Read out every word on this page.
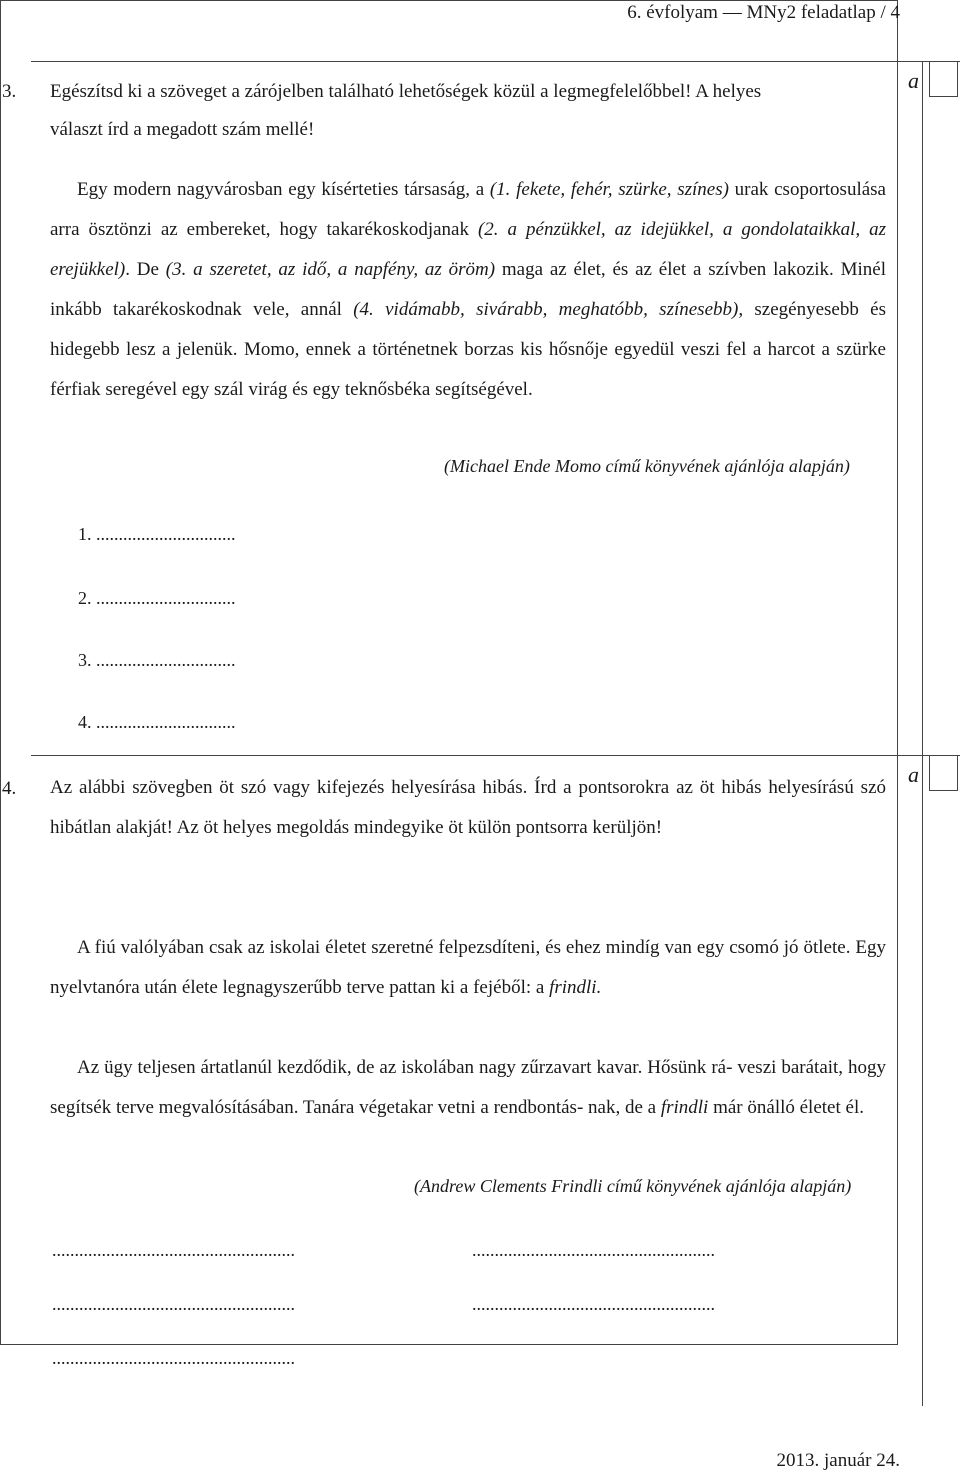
6. évfolyam — MNy2 feladatlap / 4
a
a
3. Egészítsd ki a szöveget a zárójelben található lehetőségek közül a legmegfelelőbbel! A helyes
választ írd a megadott szám mellé!

Egy modern nagyvárosban egy kísérteties társaság, a (1. fekete, fehér, szürke, színes) urak csoportosulása arra ösztönzi az embereket, hogy takarékoskodjanak (2. a pénzükkel, az idejükkel, a gondolataikkal, az erejükkel). De (3. a szeretet, az idő, a napfény, az öröm) maga az élet, és az élet a szívben lakozik. Minél inkább takarékoskodnak vele, annál (4. vidámabb, sivárabb, meghatóbb, színesebb), szegényesebb és hidegebb lesz a jelenük. Momo, ennek a történetnek borzas kis hősnője egyedül veszi fel a harcot a szürke férfiak seregével egy szál virág és egy teknősbéka segítségével.

(Michael Ende Momo című könyvének ajánlója alapján)
1. ...............................
2. ...............................
3. ...............................
4. ...............................
4. Az alábbi szövegben öt szó vagy kifejezés helyesírása hibás. Írd a pontsorokra az öt hibás helyesírású szó hibátlan alakját! Az öt helyes megoldás mindegyike öt külön pontsorra kerüljön!

A fiú valólyában csak az iskolai életet szeretné felpezsdíteni, és ehez mindíg van egy csomó jó ötlete. Egy nyelvtanóra után élete legnagyszerűbb terve pattan ki a fejéből: a frindli.

Az ügy teljesen ártatlanúl kezdődik, de az iskolában nagy zűrzavart kavar. Hősünk rá- veszi barátait, hogy segítsék terve megvalósításában. Tanára végetakar vetni a rendbontás- nak, de a frindli már önálló életet él.

(Andrew Clements Frindli című könyvének ajánlója alapján)
......................................................	......................................................
......................................................	......................................................
......................................................
2013. január 24.
